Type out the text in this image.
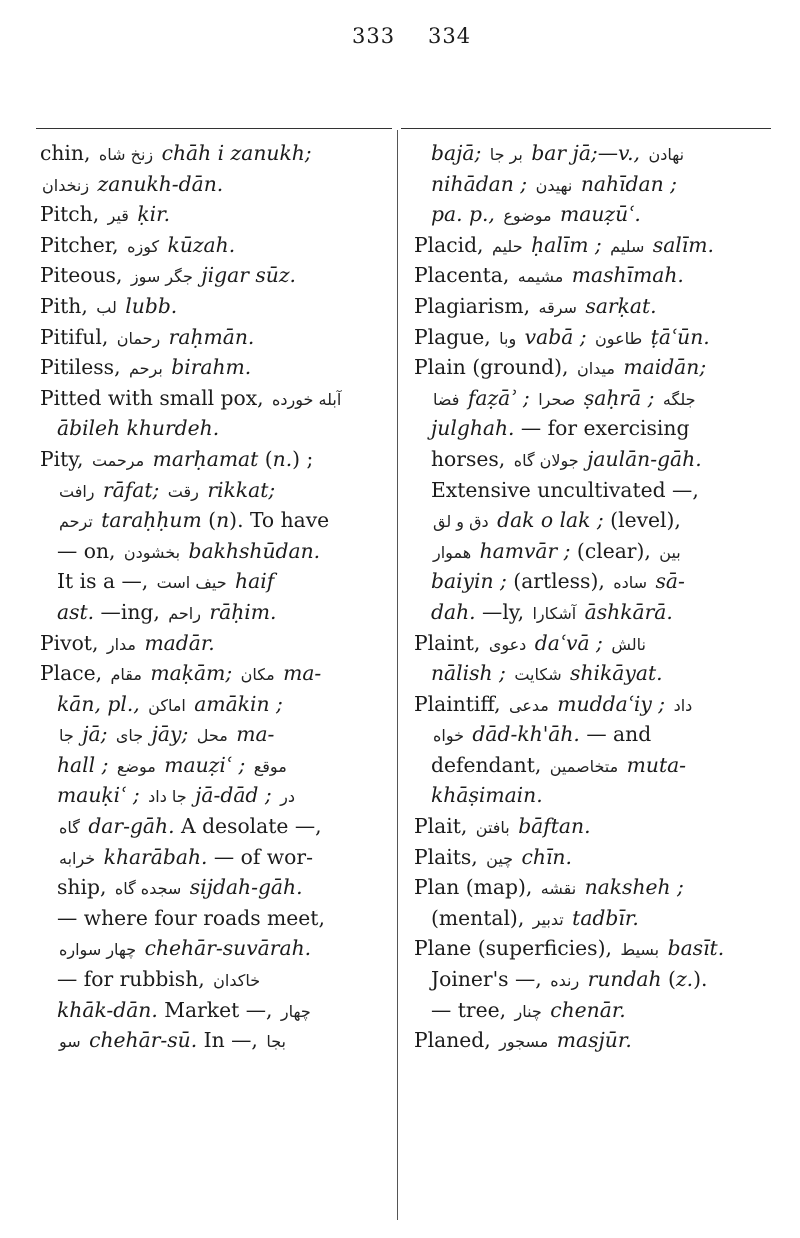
333 334
chin, زنخ شاه chāh i zanukh;
زنخدان zanukh-dān.
Pitch, قیر ḳir.
Pitcher, کوزه kūzah.
Piteous, جگر سوز jigar sūz.
Pith, لب lubb.
Pitiful, رحمان raḥmān.
Pitiless, برحم birahm.
Pitted with small pox, آبله خورده
ābileh khurdeh.
Pity, مرحمت marḥamat (n.) ;
رافت rāfat; رقت rikkat;
ترحم taraḥḥum (n). To have
— on, بخشودن bakhshūdan.
It is a —, حیف است haif
ast. —ing, راحم rāḥim.
Pivot, مدار madār.
Place, مقام maḳām; مکان ma-
kān, pl., اماکن amākin ;
جا jā; جای jāy; محل ma-
hall ; موضع mauẓiʿ ; موقع
mauḳiʿ ; جا داد jā-dād ; در
گاه dar-gāh. A desolate —,
خرابه kharābah. — of wor-
ship, سجده گاه sijdah-gāh.
— where four roads meet,
چهار سواره chehār-suvārah.
— for rubbish, خاکدان
khāk-dān. Market —, چهار
سو chehār-sū. In —, بجا
bajā; بر جا bar jā;—v., نهادن
nihādan ; نهیدن nahīdan ;
pa. p., موضوع mauẓūʿ.
Placid, حلیم ḥalīm ; سلیم salīm.
Placenta, مشیمه mashīmah.
Plagiarism, سرقه sarḳat.
Plague, وبا vabā ; طاعون ṭāʿūn.
Plain (ground), میدان maidān;
فضا faẓāʾ ; صحرا ṣaḥrā ; جلگه
julghah. — for exercising
horses, جولان گاه jaulān-gāh.
Extensive uncultivated —,
دق و لق dak o lak ; (level),
هموار hamvār ; (clear), بین
baiyin ; (artless), ساده sā-
dah. —ly, آشکارا āshkārā.
Plaint, دعوی daʿvā ; نالش
nālish ; شکایت shikāyat.
Plaintiff, مدعی muddaʿiy ; داد
خواه dād-kh'āh. — and
defendant, متخاصمین muta-
khāṣimain.
Plait, بافتن bāftan.
Plaits, چین chīn.
Plan (map), نقشه naksheh ;
(mental), تدبیر tadbīr.
Plane (superficies), بسیط basīt.
Joiner's —, رنده rundah (z.).
— tree, چنار chenār.
Planed, مسجور masjūr.
